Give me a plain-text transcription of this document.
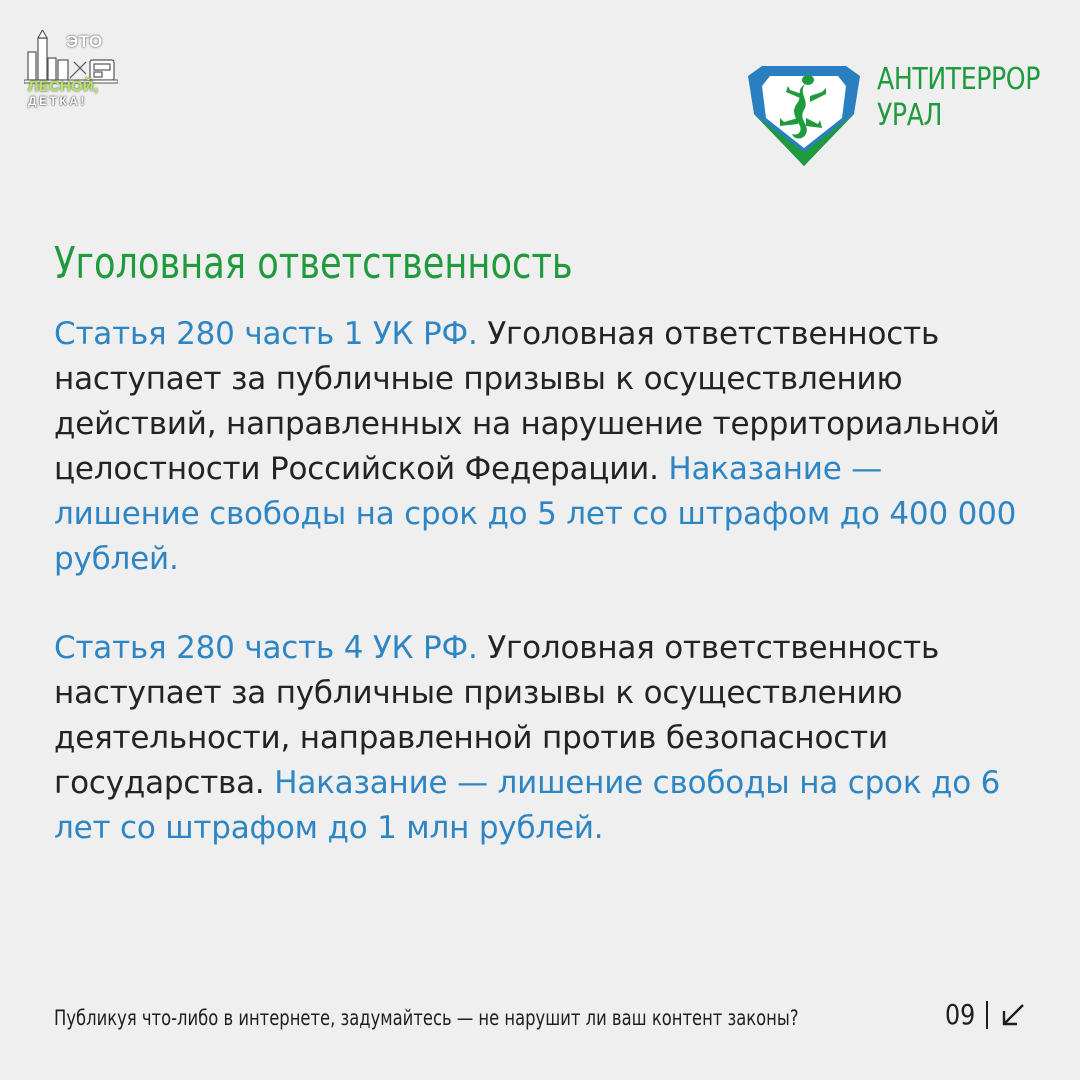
ЭТО
ЛЕСНОЙ,
ДЕТКА!
АНТИТЕРРОР
УРАЛ
Уголовная ответственность

Статья 280 часть 1 УК РФ. Уголовная ответственность наступает за публичные призывы к осуществлению действий, направленных на нарушение территориальной целостности Российской Федерации. Наказание — лишение свободы на срок до 5 лет со штрафом до 400 000 рублей.

Статья 280 часть 4 УК РФ. Уголовная ответственность наступает за публичные призывы к осуществлению деятельности, направленной против безопасности государства. Наказание — лишение свободы на срок до 6 лет со штрафом до 1 млн рублей.

Публикуя что-либо в интернете, задумайтесь — не нарушит ли ваш контент законы?	09
